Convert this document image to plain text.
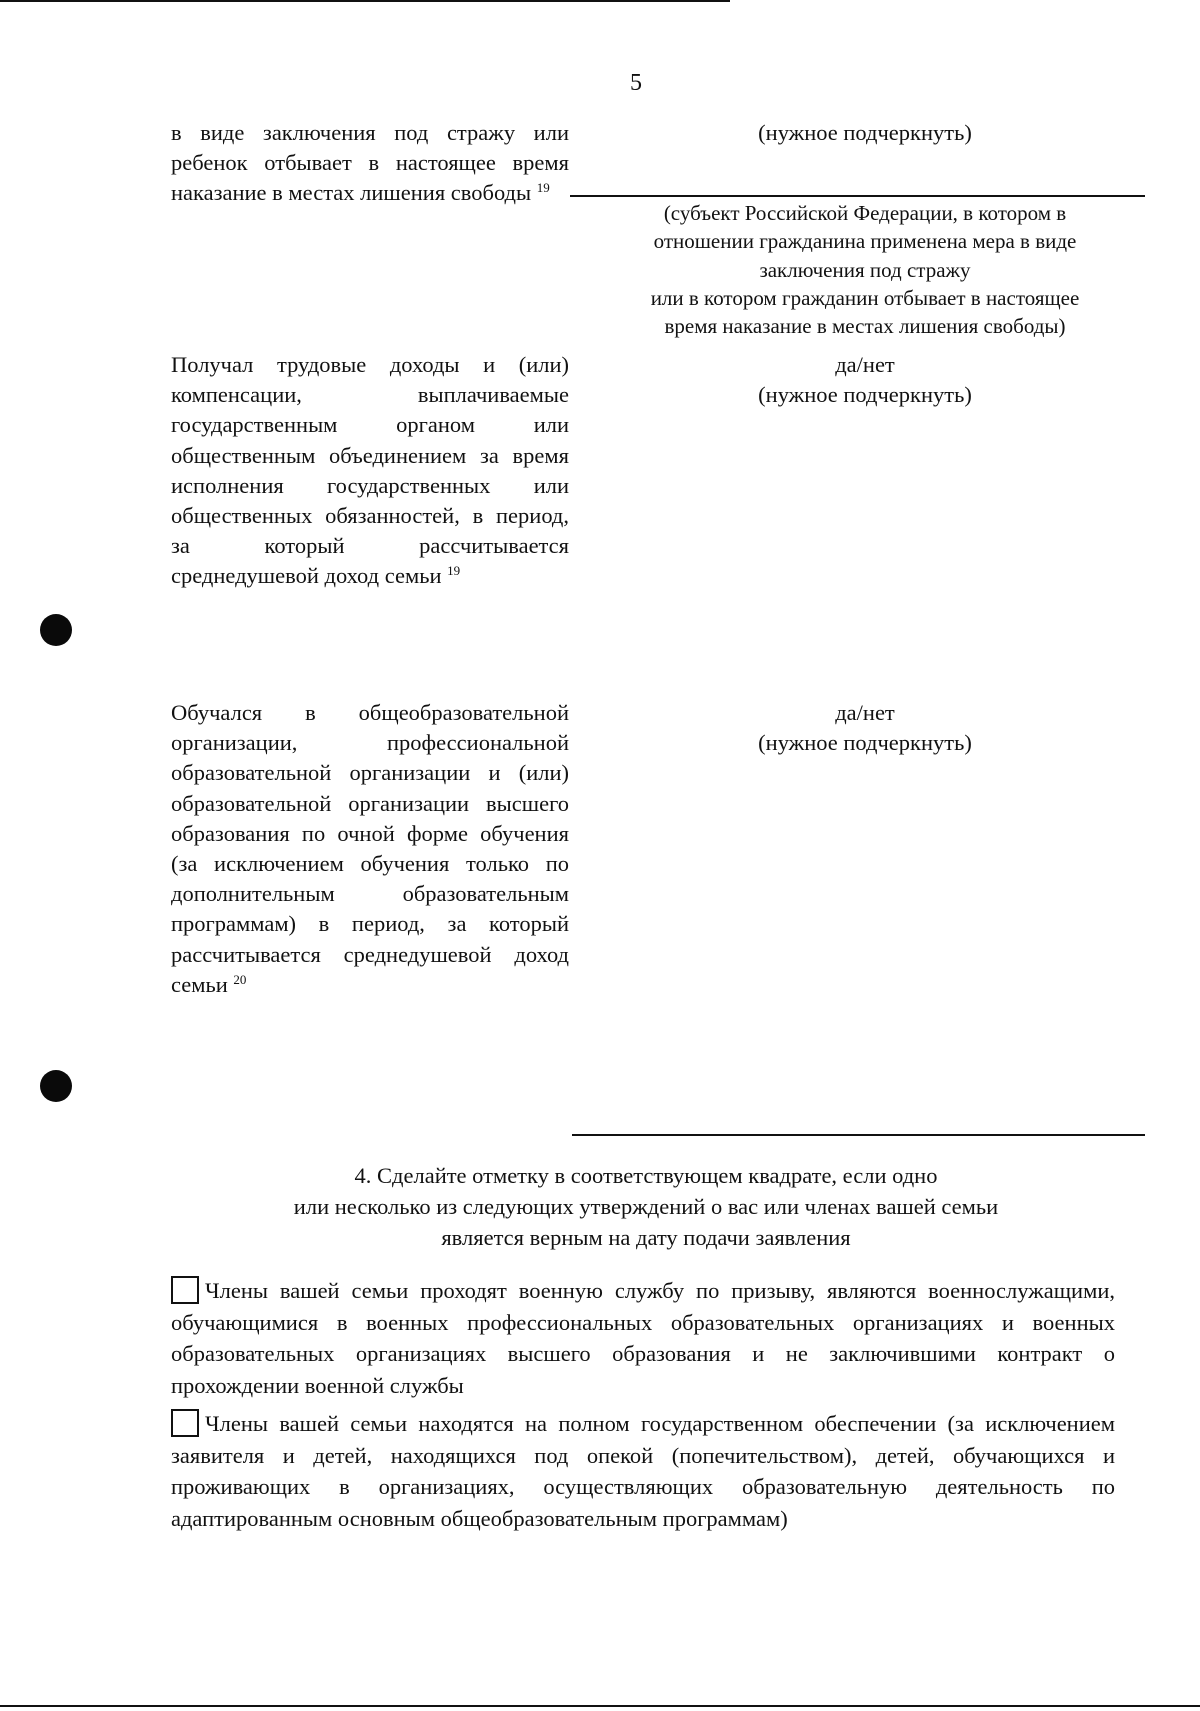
5
в виде заключения под стражу или ребенок отбывает в настоящее время наказание в местах лишения свободы $^{19}$
(нужное подчеркнуть)
(субъект Российской Федерации, в котором в
отношении гражданина применена мера в виде
заключения под стражу
или в котором гражданин отбывает в настоящее
время наказание в местах лишения свободы)
Получал трудовые доходы и (или) компенсации, выплачиваемые государственным органом или общественным объединением за время исполнения государственных или общественных обязанностей, в период, за который рассчитывается среднедушевой доход семьи $^{19}$
да/нет
(нужное подчеркнуть)
Обучался в общеобразовательной организации, профессиональной образовательной организации и (или) образовательной организации высшего образования по очной форме обучения (за исключением обучения только по дополнительным образовательным программам) в период, за который рассчитывается среднедушевой доход семьи $^{20}$
да/нет
(нужное подчеркнуть)
4. Сделайте отметку в соответствующем квадрате, если одно
или несколько из следующих утверждений о вас или членах вашей семьи
является верным на дату подачи заявления
Члены вашей семьи проходят военную службу по призыву, являются военнослужащими, обучающимися в военных профессиональных образовательных организациях и военных образовательных организациях высшего образования и не заключившими контракт о прохождении военной службы
Члены вашей семьи находятся на полном государственном обеспечении (за исключением заявителя и детей, находящихся под опекой (попечительством), детей, обучающихся и проживающих в организациях, осуществляющих образовательную деятельность по адаптированным основным общеобразовательным программам)
